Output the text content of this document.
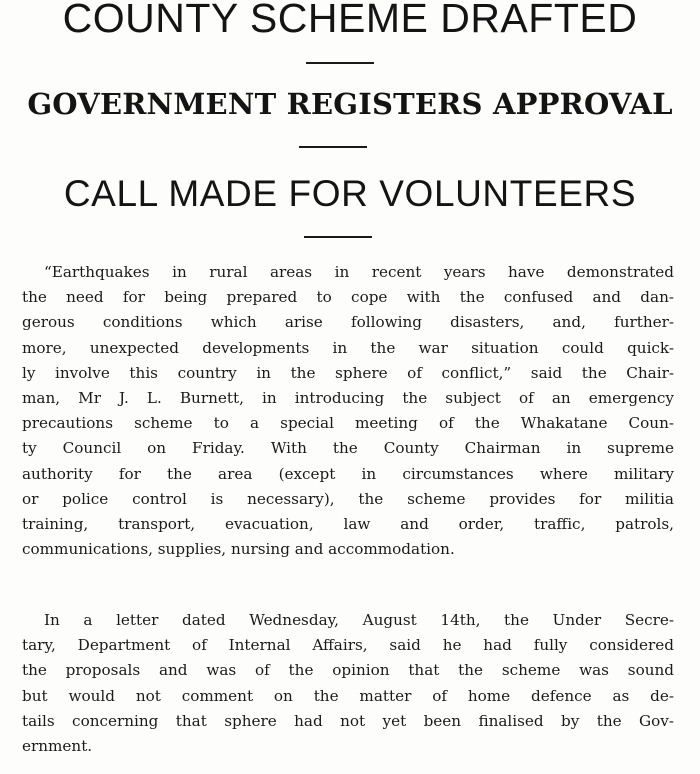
COUNTY SCHEME DRAFTED
GOVERNMENT REGISTERS APPROVAL
CALL MADE FOR VOLUNTEERS
“Earthquakes in rural areas in recent years have demonstrated
the need for being prepared to cope with the confused and dan-
gerous conditions which arise following disasters, and, further-
more, unexpected developments in the war situation could quick-
ly involve this country in the sphere of conflict,” said the Chair-
man, Mr J. L. Burnett, in introducing the subject of an emergency
precautions scheme to a special meeting of the Whakatane Coun-
ty Council on Friday. With the County Chairman in supreme
authority for the area (except in circumstances where military
or police control is necessary), the scheme provides for militia
training, transport, evacuation, law and order, traffic, patrols,
communications, supplies, nursing and accommodation.
In a letter dated Wednesday, August 14th, the Under Secre-
tary, Department of Internal Affairs, said he had fully considered
the proposals and was of the opinion that the scheme was sound
but would not comment on the matter of home defence as de-
tails concerning that sphere had not yet been finalised by the Gov-
ernment.
